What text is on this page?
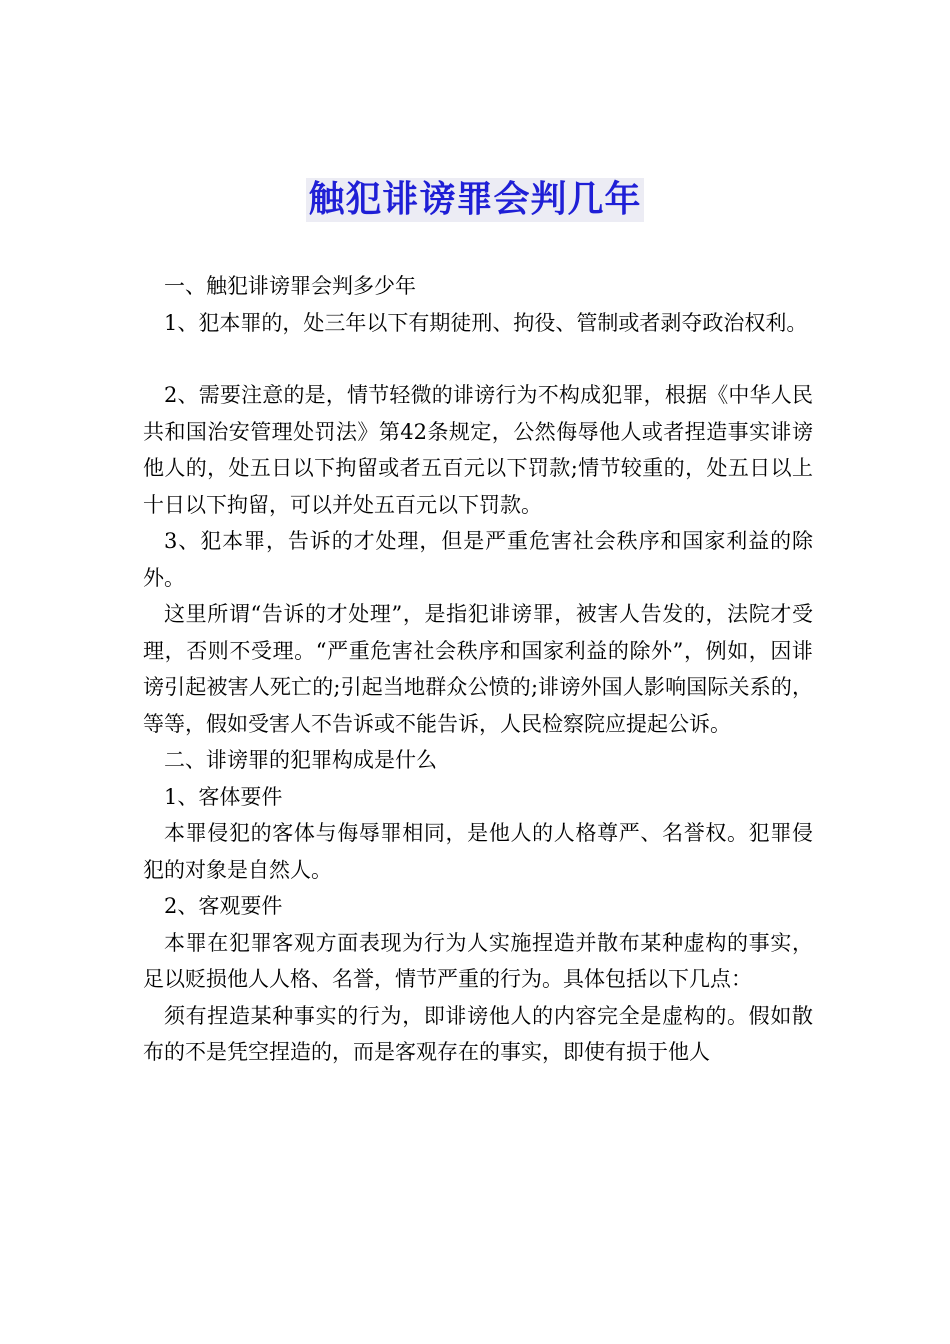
触犯诽谤罪会判几年

一、触犯诽谤罪会判多少年

1、犯本罪的，处三年以下有期徒刑、拘役、管制或者剥夺政治权利。

2、需要注意的是，情节轻微的诽谤行为不构成犯罪，根据《中华人民共和国治安管理处罚法》第42条规定，公然侮辱他人或者捏造事实诽谤他人的，处五日以下拘留或者五百元以下罚款;情节较重的，处五日以上十日以下拘留，可以并处五百元以下罚款。

3、犯本罪，告诉的才处理，但是严重危害社会秩序和国家利益的除外。

这里所谓“告诉的才处理”，是指犯诽谤罪，被害人告发的，法院才受理，否则不受理。“严重危害社会秩序和国家利益的除外”，例如，因诽谤引起被害人死亡的;引起当地群众公愤的;诽谤外国人影响国际关系的，等等，假如受害人不告诉或不能告诉，人民检察院应提起公诉。

二、诽谤罪的犯罪构成是什么

1、客体要件

本罪侵犯的客体与侮辱罪相同，是他人的人格尊严、名誉权。犯罪侵犯的对象是自然人。

2、客观要件

本罪在犯罪客观方面表现为行为人实施捏造并散布某种虚构的事实，足以贬损他人人格、名誉，情节严重的行为。具体包括以下几点：

须有捏造某种事实的行为，即诽谤他人的内容完全是虚构的。假如散布的不是凭空捏造的，而是客观存在的事实，即使有损于他人
